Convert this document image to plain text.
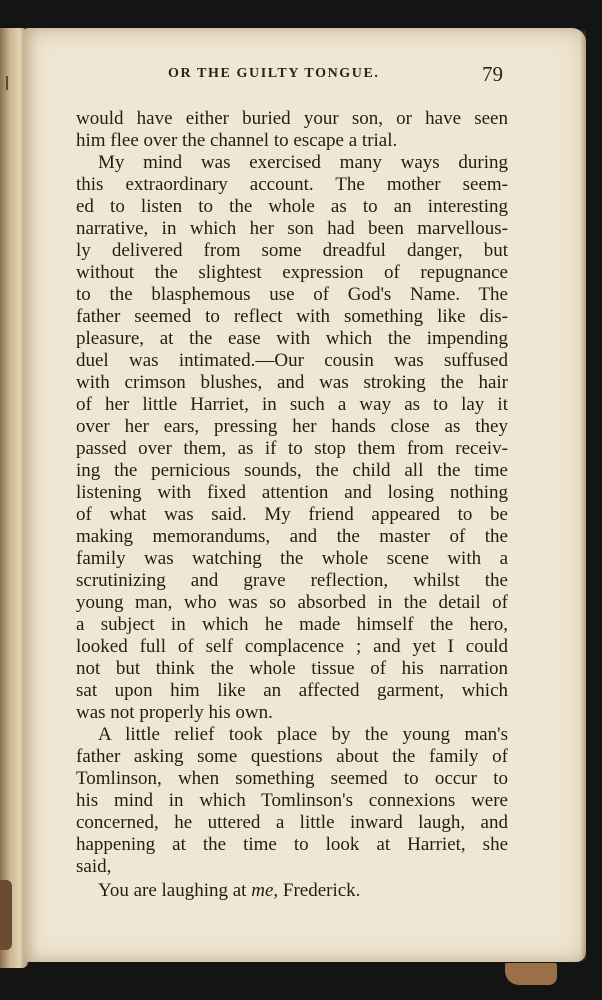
OR THE GUILTY TONGUE.	79
would have either buried your son, or have seen
him flee over the channel to escape a trial.
My mind was exercised many ways during
this extraordinary account. The mother seem-
ed to listen to the whole as to an interesting
narrative, in which her son had been marvellous-
ly delivered from some dreadful danger, but
without the slightest expression of repugnance
to the blasphemous use of God's Name. The
father seemed to reflect with something like dis-
pleasure, at the ease with which the impending
duel was intimated.—Our cousin was suffused
with crimson blushes, and was stroking the hair
of her little Harriet, in such a way as to lay it
over her ears, pressing her hands close as they
passed over them, as if to stop them from receiv-
ing the pernicious sounds, the child all the time
listening with fixed attention and losing nothing
of what was said. My friend appeared to be
making memorandums, and the master of the
family was watching the whole scene with a
scrutinizing and grave reflection, whilst the
young man, who was so absorbed in the detail of
a subject in which he made himself the hero,
looked full of self complacence ; and yet I could
not but think the whole tissue of his narration
sat upon him like an affected garment, which
was not properly his own.
A little relief took place by the young man's
father asking some questions about the family of
Tomlinson, when something seemed to occur to
his mind in which Tomlinson's connexions were
concerned, he uttered a little inward laugh, and
happening at the time to look at Harriet, she
said,
You are laughing at me, Frederick.
